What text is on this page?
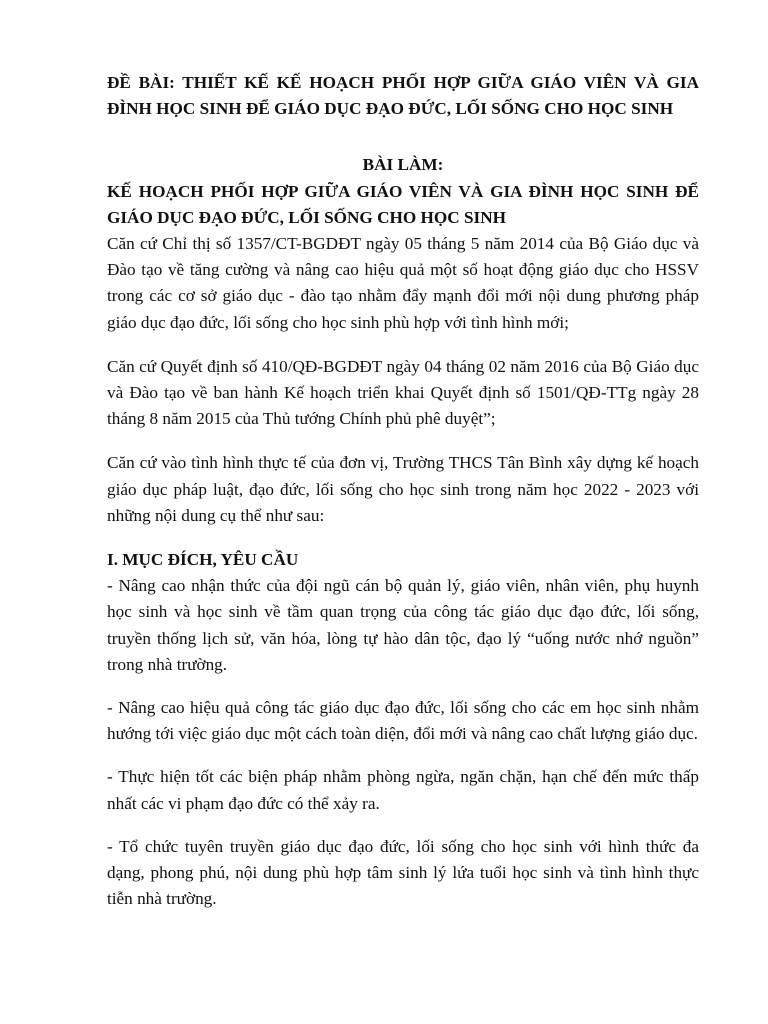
ĐỀ BÀI: THIẾT KẾ KẾ HOẠCH PHỐI HỢP GIỮA GIÁO VIÊN VÀ GIA ĐÌNH HỌC SINH ĐỂ GIÁO DỤC ĐẠO ĐỨC, LỐI SỐNG CHO HỌC SINH

BÀI LÀM:

KẾ HOẠCH PHỐI HỢP GIỮA GIÁO VIÊN VÀ GIA ĐÌNH HỌC SINH ĐỂ GIÁO DỤC ĐẠO ĐỨC, LỐI SỐNG CHO HỌC SINH

Căn cứ Chỉ thị số 1357/CT-BGDĐT ngày 05 tháng 5 năm 2014 của Bộ Giáo dục và Đào tạo về tăng cường và nâng cao hiệu quả một số hoạt động giáo dục cho HSSV trong các cơ sở giáo dục - đào tạo nhằm đẩy mạnh đổi mới nội dung phương pháp giáo dục đạo đức, lối sống cho học sinh phù hợp với tình hình mới;

Căn cứ Quyết định số 410/QĐ-BGDĐT ngày 04 tháng 02 năm 2016 của Bộ Giáo dục và Đào tạo về ban hành Kế hoạch triển khai Quyết định số 1501/QĐ-TTg ngày 28 tháng 8 năm 2015 của Thủ tướng Chính phủ phê duyệt”;

Căn cứ vào tình hình thực tế của đơn vị, Trường THCS Tân Bình xây dựng kế hoạch giáo dục pháp luật, đạo đức, lối sống cho học sinh trong năm học 2022 - 2023 với những nội dung cụ thể như sau:

I. MỤC ĐÍCH, YÊU CẦU

- Nâng cao nhận thức của đội ngũ cán bộ quản lý, giáo viên, nhân viên, phụ huynh học sinh và học sinh về tầm quan trọng của công tác giáo dục đạo đức, lối sống, truyền thống lịch sử, văn hóa, lòng tự hào dân tộc, đạo lý “uống nước nhớ nguồn” trong nhà trường.

- Nâng cao hiệu quả công tác giáo dục đạo đức, lối sống cho các em học sinh nhằm hướng tới việc giáo dục một cách toàn diện, đổi mới và nâng cao chất lượng giáo dục.

- Thực hiện tốt các biện pháp nhằm phòng ngừa, ngăn chặn, hạn chế đến mức thấp nhất các vi phạm đạo đức có thể xảy ra.

- Tổ chức tuyên truyền giáo dục đạo đức, lối sống cho học sinh với hình thức đa dạng, phong phú, nội dung phù hợp tâm sinh lý lứa tuổi học sinh và tình hình thực tiễn nhà trường.
